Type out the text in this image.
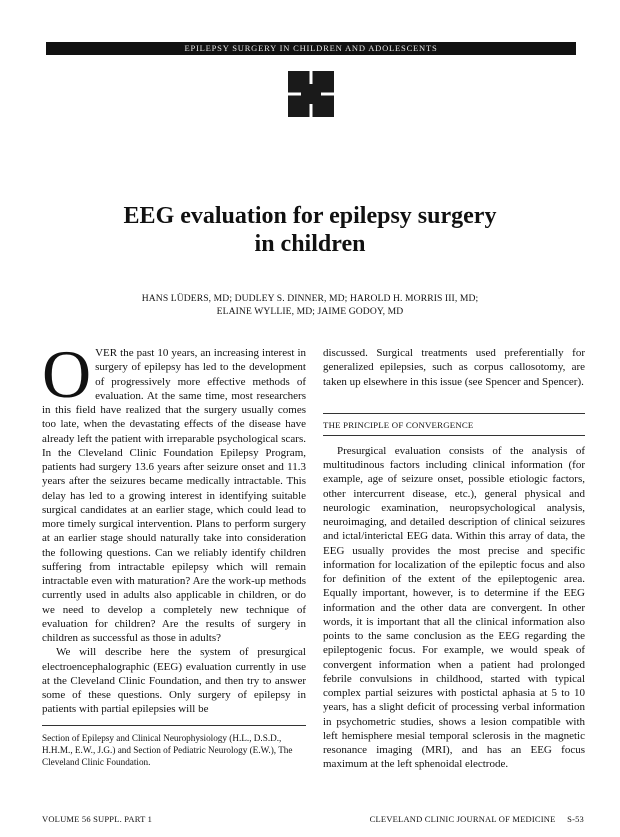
EPILEPSY SURGERY IN CHILDREN AND ADOLESCENTS
EEG evaluation for epilepsy surgery
in children
HANS LÜDERS, MD; DUDLEY S. DINNER, MD; HAROLD H. MORRIS III, MD;
ELAINE WYLLIE, MD; JAIME GODOY, MD

OVER the past 10 years, an increasing interest in surgery of epilepsy has led to the development of progressively more effective methods of evaluation. At the same time, most researchers in this field have realized that the surgery usually comes too late, when the devastating effects of the disease have already left the patient with irreparable psychological scars. In the Cleveland Clinic Foundation Epilepsy Program, patients had surgery 13.6 years after seizure onset and 11.3 years after the seizures became medically intractable. This delay has led to a growing interest in identifying suitable surgical candidates at an earlier stage, which could lead to more timely surgical intervention. Plans to perform surgery at an earlier stage should naturally take into consideration the following questions. Can we reliably identify children suffering from intractable epilepsy which will remain intractable even with maturation? Are the work-up methods currently used in adults also applicable in children, or do we need to develop a completely new technique of evaluation for children? Are the results of surgery in children as successful as those in adults?

We will describe here the system of presurgical electroencephalographic (EEG) evaluation currently in use at the Cleveland Clinic Foundation, and then try to answer some of these questions. Only surgery of epilepsy in patients with partial epilepsies will be

Section of Epilepsy and Clinical Neurophysiology (H.L., D.S.D., H.H.M., E.W., J.G.) and Section of Pediatric Neurology (E.W.), The Cleveland Clinic Foundation.

discussed. Surgical treatments used preferentially for generalized epilepsies, such as corpus callosotomy, are taken up elsewhere in this issue (see Spencer and Spencer).

THE PRINCIPLE OF CONVERGENCE

Presurgical evaluation consists of the analysis of multitudinous factors including clinical information (for example, age of seizure onset, possible etiologic factors, other intercurrent disease, etc.), general physical and neurologic examination, neuropsychological analysis, neuroimaging, and detailed description of clinical seizures and ictal/interictal EEG data. Within this array of data, the EEG usually provides the most precise and specific information for localization of the epileptic focus and also for definition of the extent of the epileptogenic area. Equally important, however, is to determine if the EEG information and the other data are convergent. In other words, it is important that all the clinical information also points to the same conclusion as the EEG regarding the epileptogenic focus. For example, we would speak of convergent information when a patient had prolonged febrile convulsions in childhood, started with typical complex partial seizures with postictal aphasia at 5 to 10 years, has a slight deficit of processing verbal information in psychometric studies, shows a lesion compatible with left hemisphere mesial temporal sclerosis in the magnetic resonance imaging (MRI), and has an EEG focus maximum at the left sphenoidal electrode.

VOLUME 56 SUPPL. PART 1	CLEVELAND CLINIC JOURNAL OF MEDICINE     S-53
